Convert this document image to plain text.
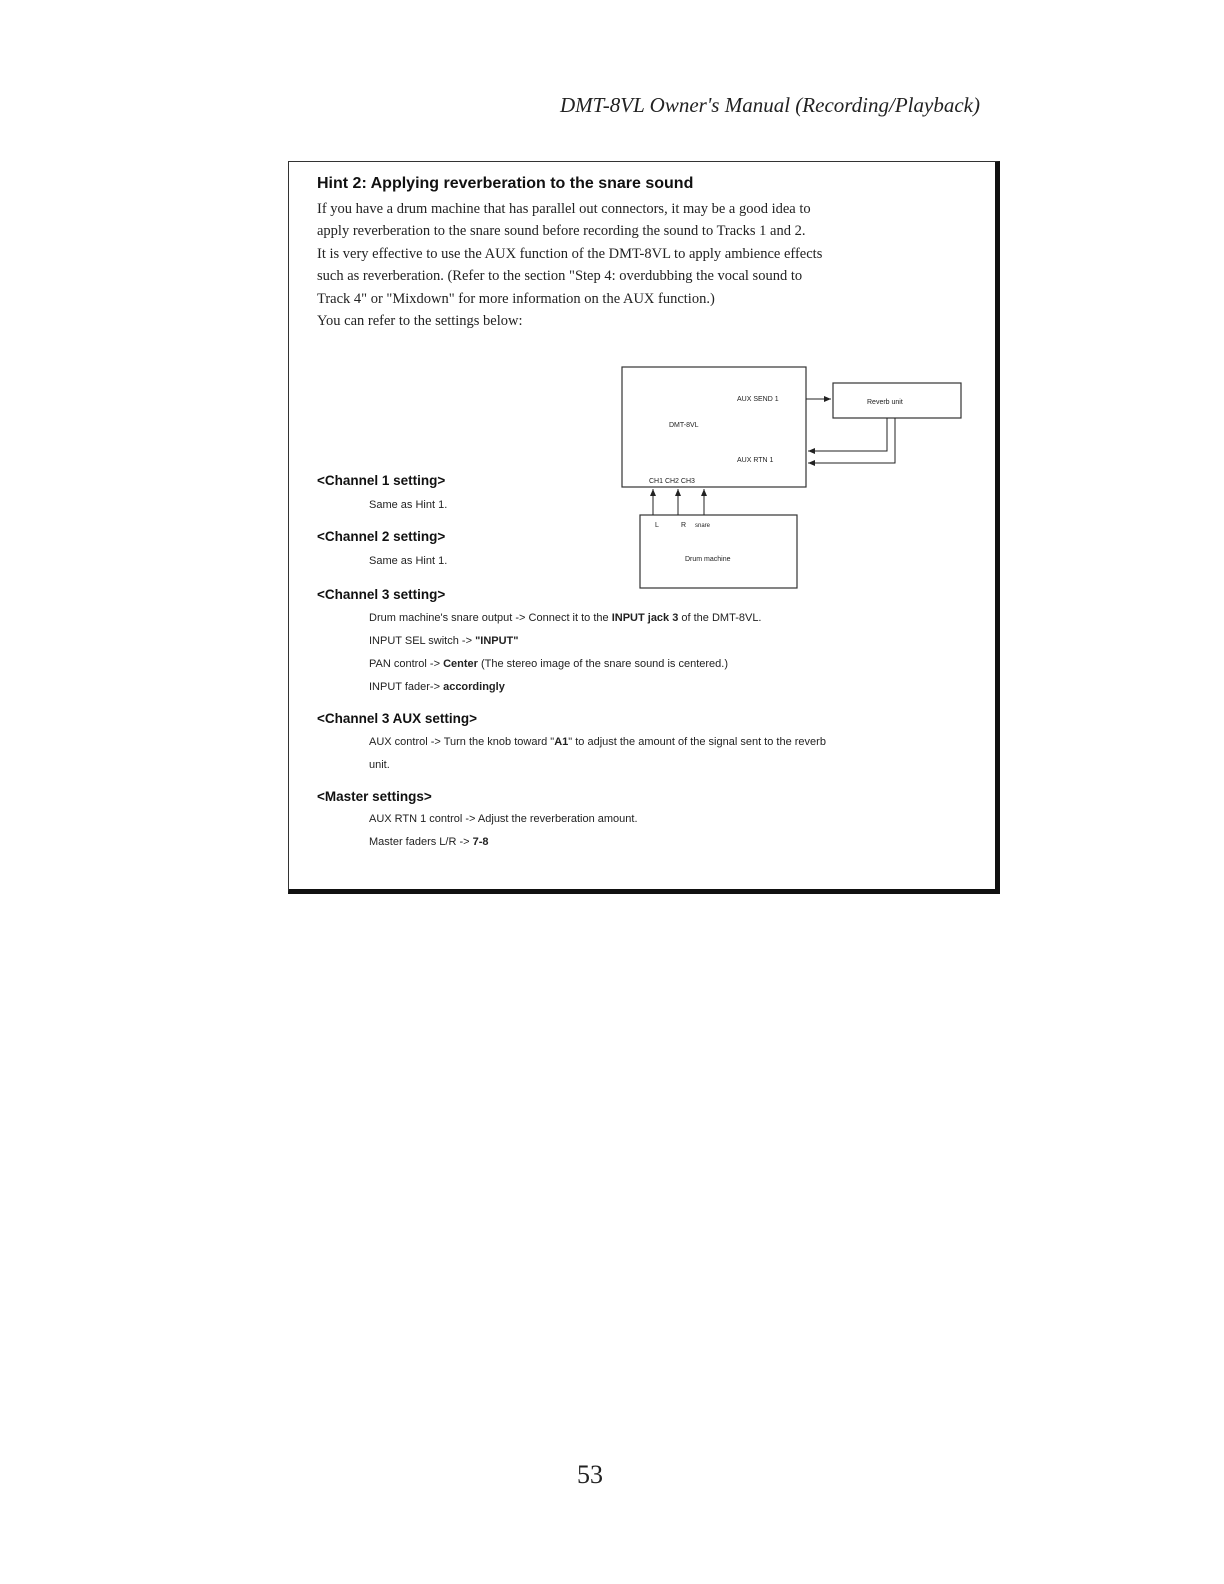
DMT-8VL Owner's Manual (Recording/Playback)
Hint 2: Applying reverberation to the snare sound

If you have a drum machine that has parallel out connectors, it may be a good idea to

apply reverberation to the snare sound before recording the sound to Tracks 1 and 2.

It is very effective to use the AUX function of the DMT-8VL to apply ambience effects

such as reverberation. (Refer to the section "Step 4: overdubbing the vocal sound to

Track 4" or "Mixdown" for more information on the AUX function.)

You can refer to the settings below:

DMT-8VL
AUX SEND 1
AUX RTN 1
CH1 CH2 CH3
Reverb unit
L	R snare
Drum machine
<Channel 1 setting>
Same as Hint 1.
<Channel 2 setting>
Same as Hint 1.
<Channel 3 setting>
Drum machine's snare output -> Connect it to the INPUT jack 3 of the DMT-8VL.
INPUT SEL switch -> "INPUT"
PAN control -> Center (The stereo image of the snare sound is centered.)
INPUT fader-> accordingly
<Channel 3 AUX setting>
AUX control -> Turn the knob toward "A1" to adjust the amount of the signal sent to the reverb
unit.
<Master settings>
AUX RTN 1 control -> Adjust the reverberation amount.
Master faders L/R -> 7-8
53
